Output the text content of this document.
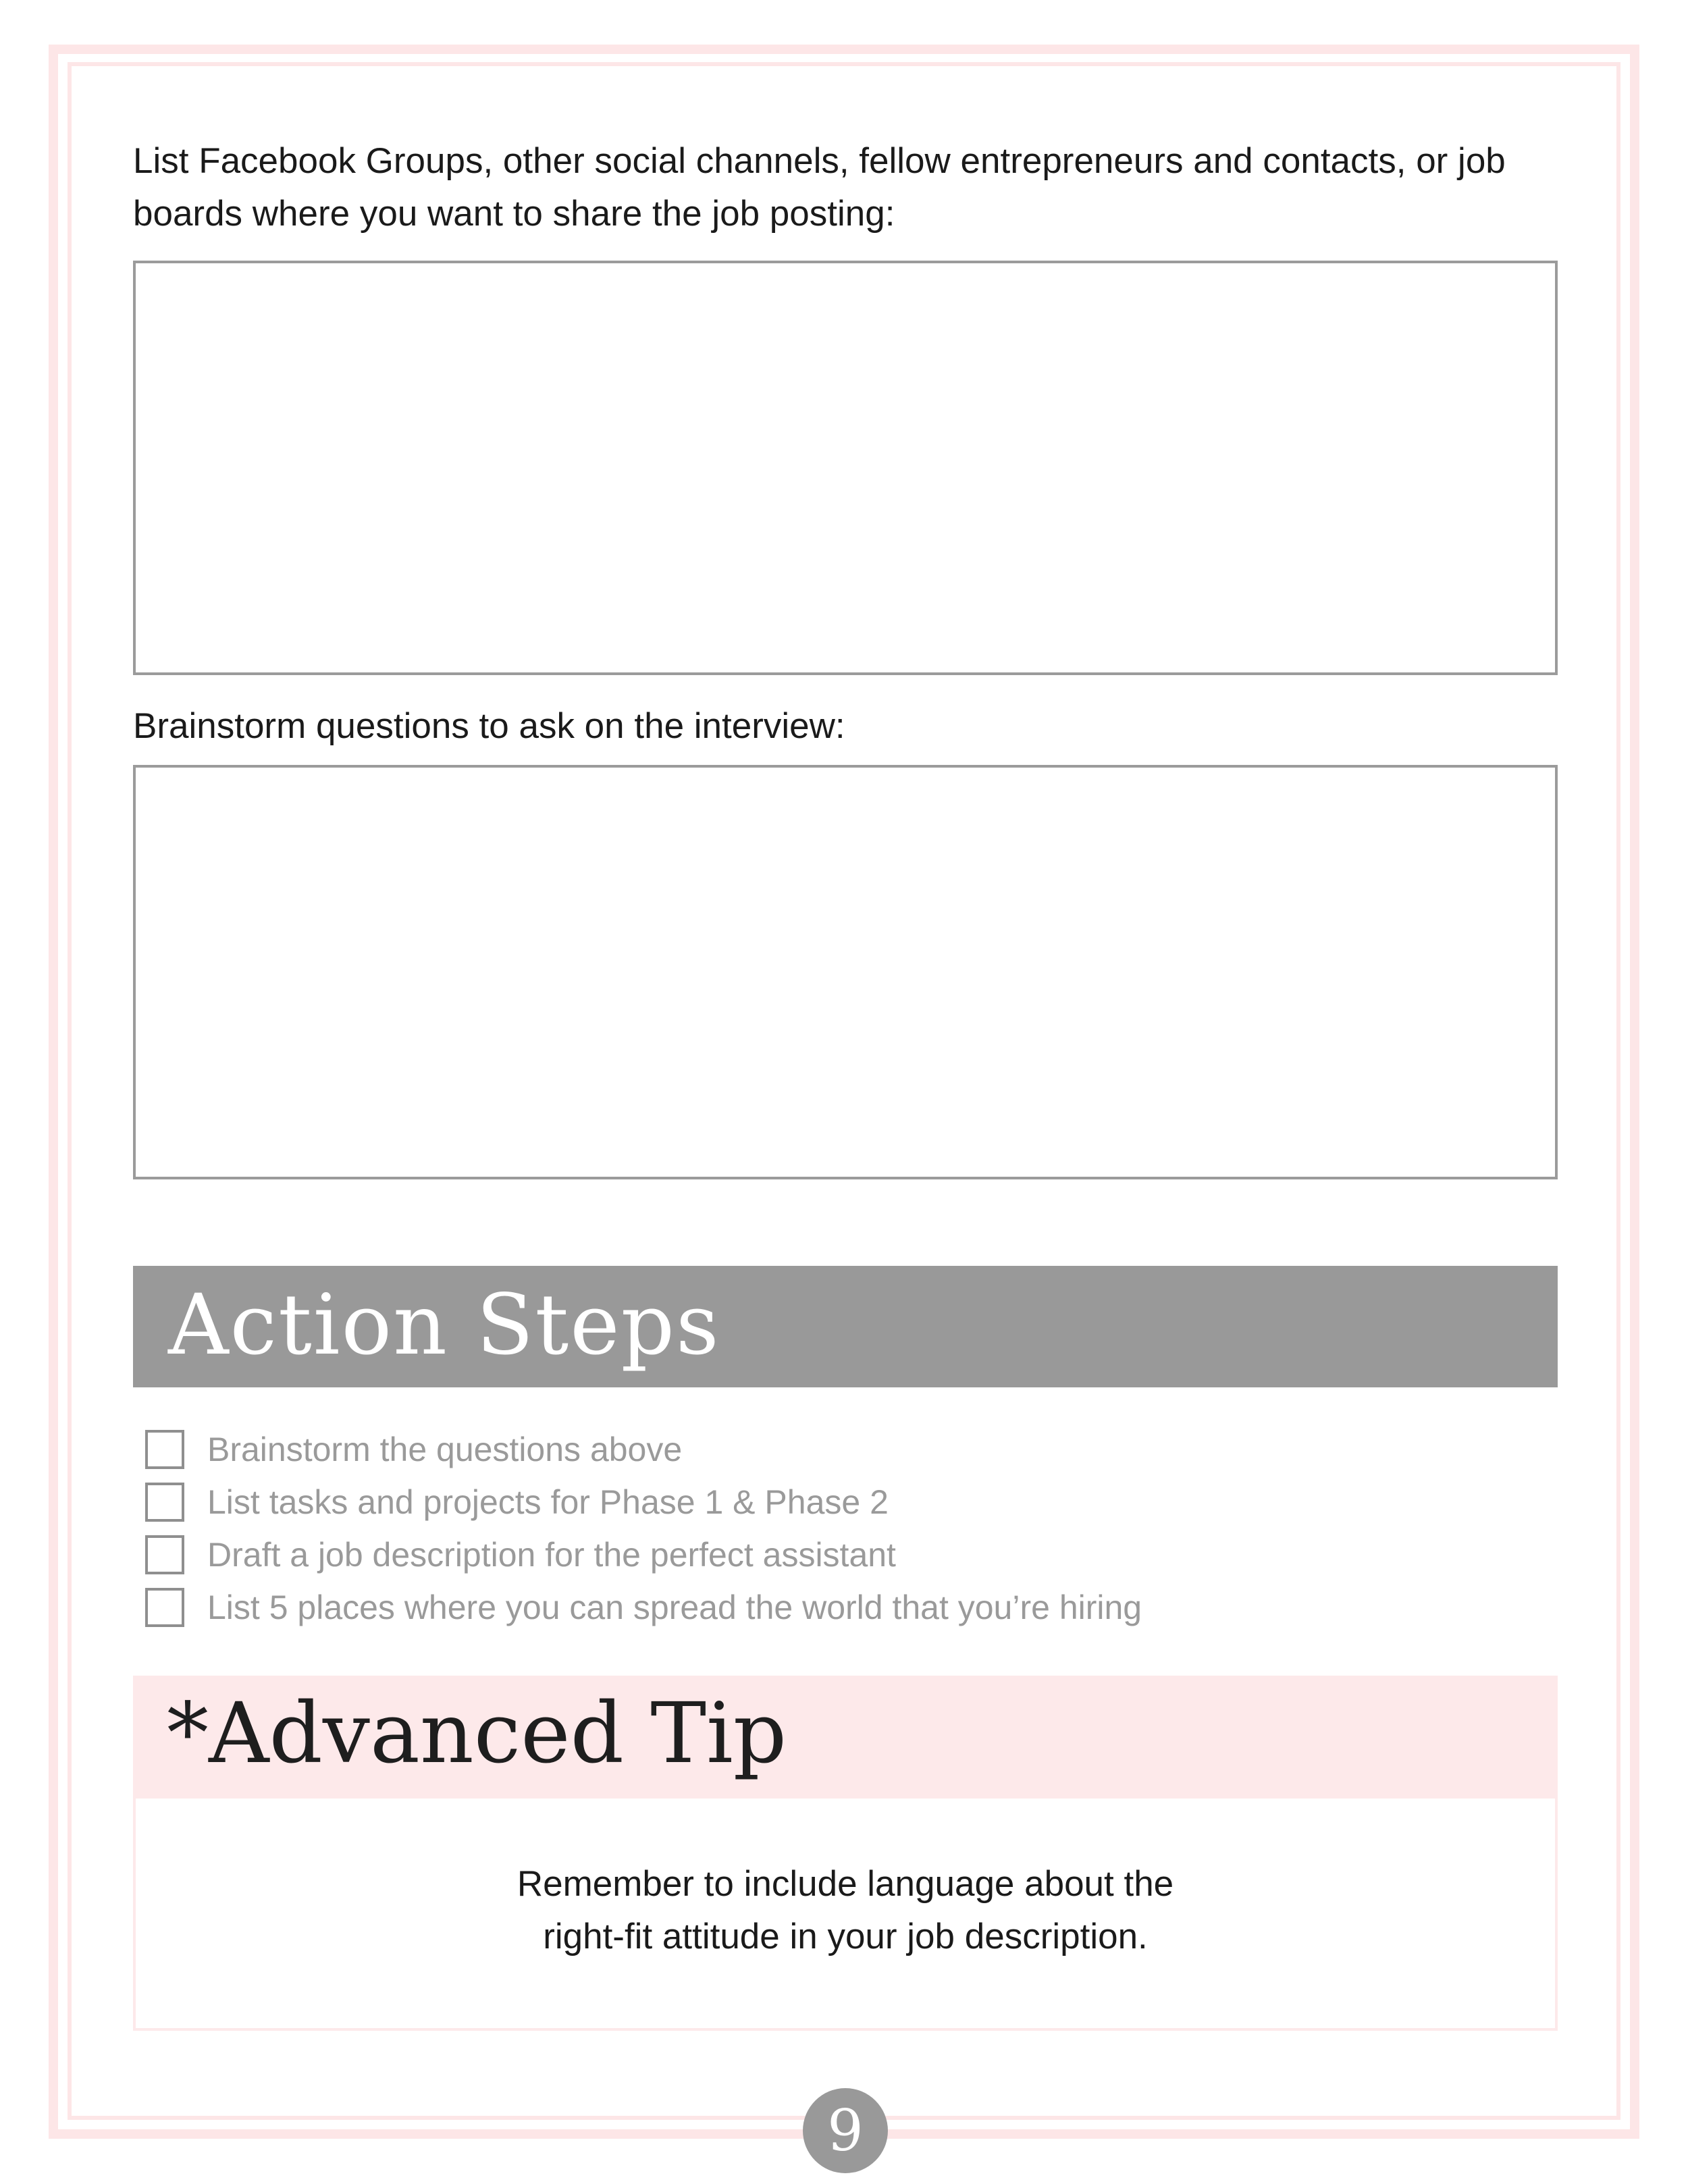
List Facebook Groups, other social channels, fellow entrepreneurs and contacts, or job boards where you want to share the job posting:

Brainstorm questions to ask on the interview:

Action Steps
Brainstorm the questions above
List tasks and projects for Phase 1 & Phase 2
Draft a job description for the perfect assistant
List 5 places where you can spread the world that you’re hiring
*Advanced Tip

Remember to include language about the
right-fit attitude in your job description.

9
